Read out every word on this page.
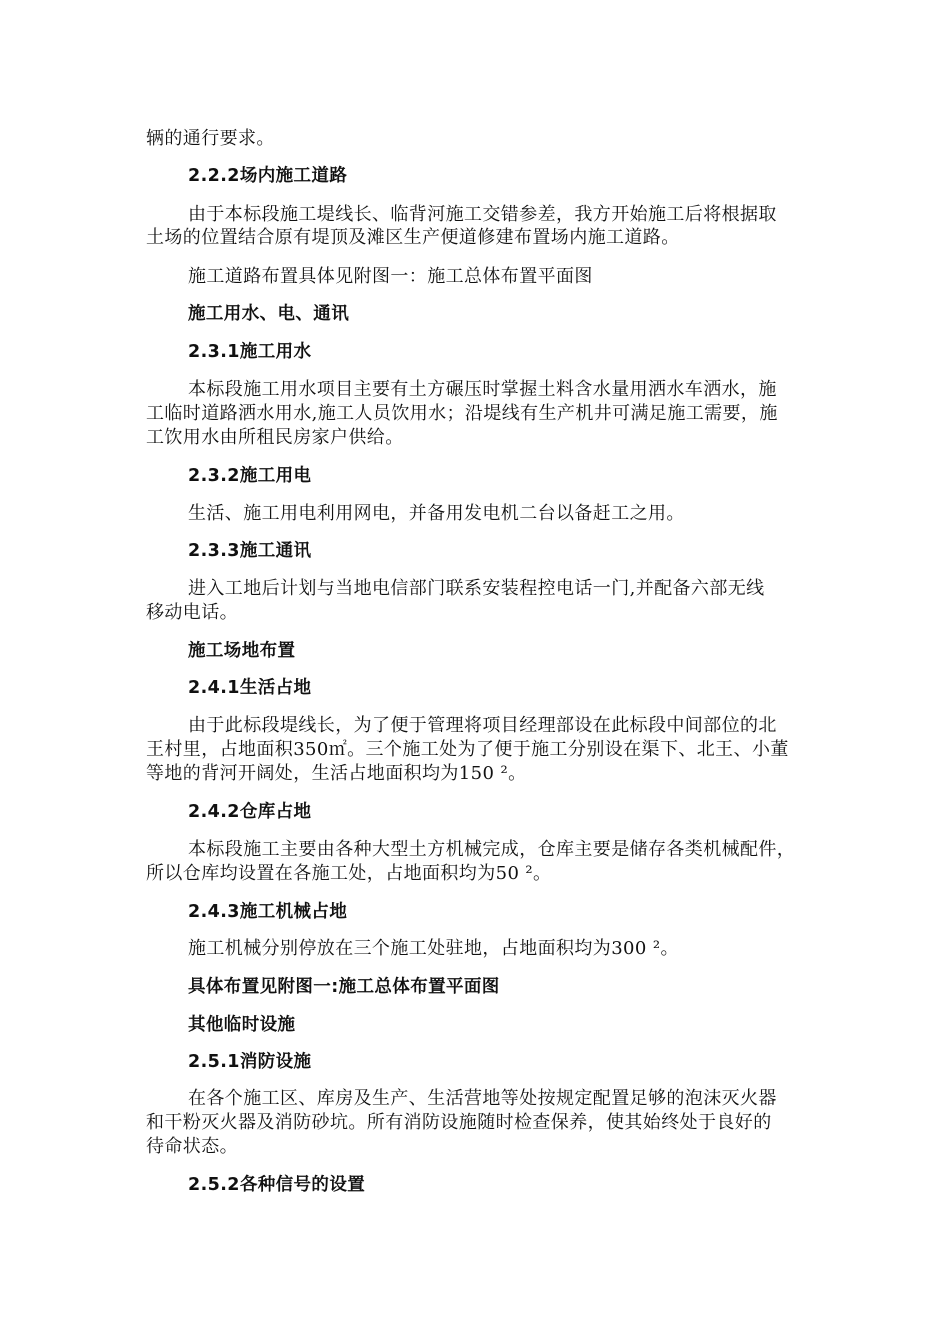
辆的通行要求。
2.2.2场内施工道路
由于本标段施工堤线长、临背河施工交错参差，我方开始施工后将根据取
土场的位置结合原有堤顶及滩区生产便道修建布置场内施工道路。
施工道路布置具体见附图一：施工总体布置平面图
施工用水、电、通讯
2.3.1施工用水
本标段施工用水项目主要有土方碾压时掌握土料含水量用洒水车洒水，施
工临时道路洒水用水,施工人员饮用水；沿堤线有生产机井可满足施工需要，施
工饮用水由所租民房家户供给。
2.3.2施工用电
生活、施工用电利用网电，并备用发电机二台以备赶工之用。
2.3.3施工通讯
进入工地后计划与当地电信部门联系安装程控电话一门,并配备六部无线
移动电话。
施工场地布置
2.4.1生活占地
由于此标段堤线长，为了便于管理将项目经理部设在此标段中间部位的北
王村里，占地面积350㎡。三个施工处为了便于施工分别设在渠下、北王、小董
等地的背河开阔处，生活占地面积均为150 ²。
2.4.2仓库占地
本标段施工主要由各种大型土方机械完成，仓库主要是储存各类机械配件，
所以仓库均设置在各施工处，占地面积均为50 ²。
2.4.3施工机械占地
施工机械分别停放在三个施工处驻地，占地面积均为300 ²。
具体布置见附图一:施工总体布置平面图
其他临时设施
2.5.1消防设施
在各个施工区、库房及生产、生活营地等处按规定配置足够的泡沫灭火器
和干粉灭火器及消防砂坑。所有消防设施随时检查保养，使其始终处于良好的
待命状态。
2.5.2各种信号的设置
